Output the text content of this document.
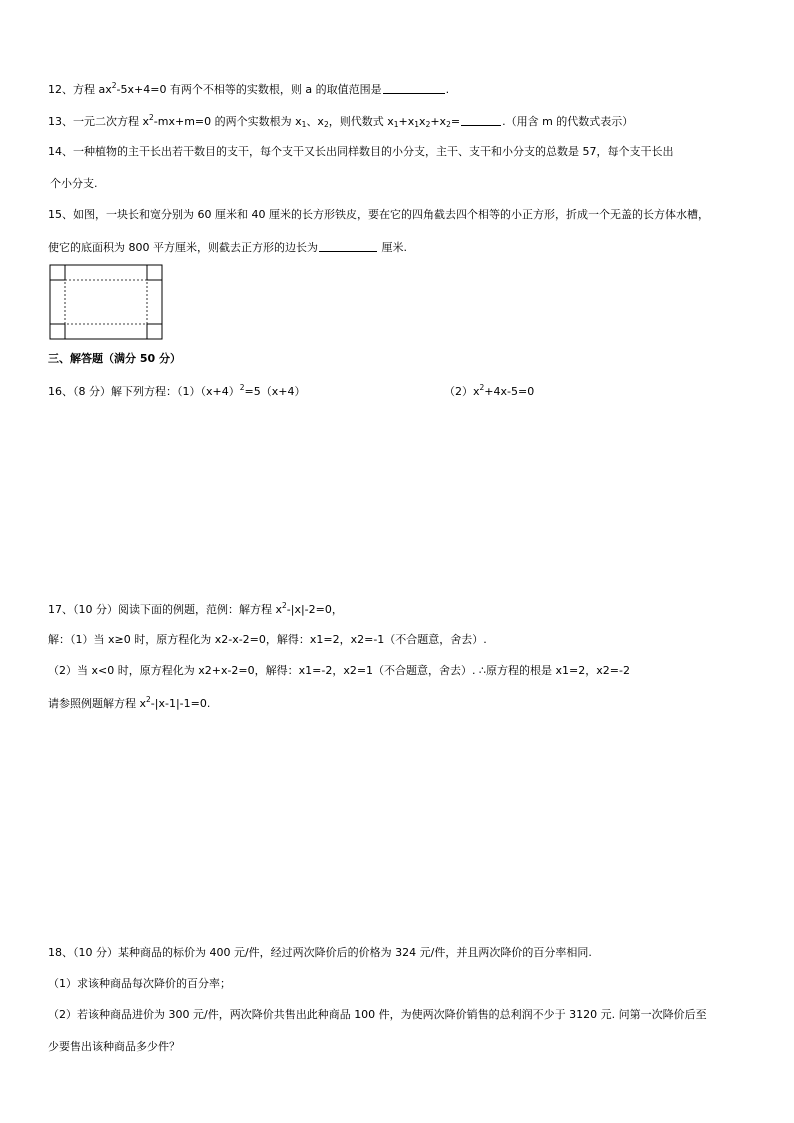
12、方程 $ax^2-5x+4=0$ 有两个不相等的实数根，则 a 的取值范围是	.
13、一元二次方程 $x^2-mx+m=0$ 的两个实数根为 $x_1$、$x_2$，则代数式 $x_1+x_1x_2+x_2=$	.（用含 m 的代数式表示）
14、一种植物的主干长出若干数目的支干，每个支干又长出同样数目的小分支，主干、支干和小分支的总数是 57，每个支干长出
个小分支.
15、如图，一块长和宽分别为 60 厘米和 40 厘米的长方形铁皮，要在它的四角截去四个相等的小正方形，折成一个无盖的长方体水槽，
使它的底面积为 800 平方厘米，则截去正方形的边长为	厘米.
三、解答题（满分 50 分）
16、（8 分）解下列方程：$(1)(x+4)^2=5(x+4)$	$(2)x^2+4x-5=0$
17、（10 分）阅读下面的例题，范例：解方程 $x^2-|x|-2=0$，
解：（1）当 x≥0 时，原方程化为 x2-x-2=0，解得：x1=2，x2=-1（不合题意，舍去）.
（2）当 x<0 时，原方程化为 x2+x-2=0，解得：x1=-2，x2=1（不合题意，舍去）. ∴原方程的根是 x1=2，x2=-2
请参照例题解方程 $x^2-|x-1|-1=0$.
18、（10 分）某种商品的标价为 400 元/件，经过两次降价后的价格为 324 元/件，并且两次降价的百分率相同.
（1）求该种商品每次降价的百分率；
（2）若该种商品进价为 300 元/件，两次降价共售出此种商品 100 件，为使两次降价销售的总利润不少于 3120 元. 问第一次降价后至
少要售出该种商品多少件？
